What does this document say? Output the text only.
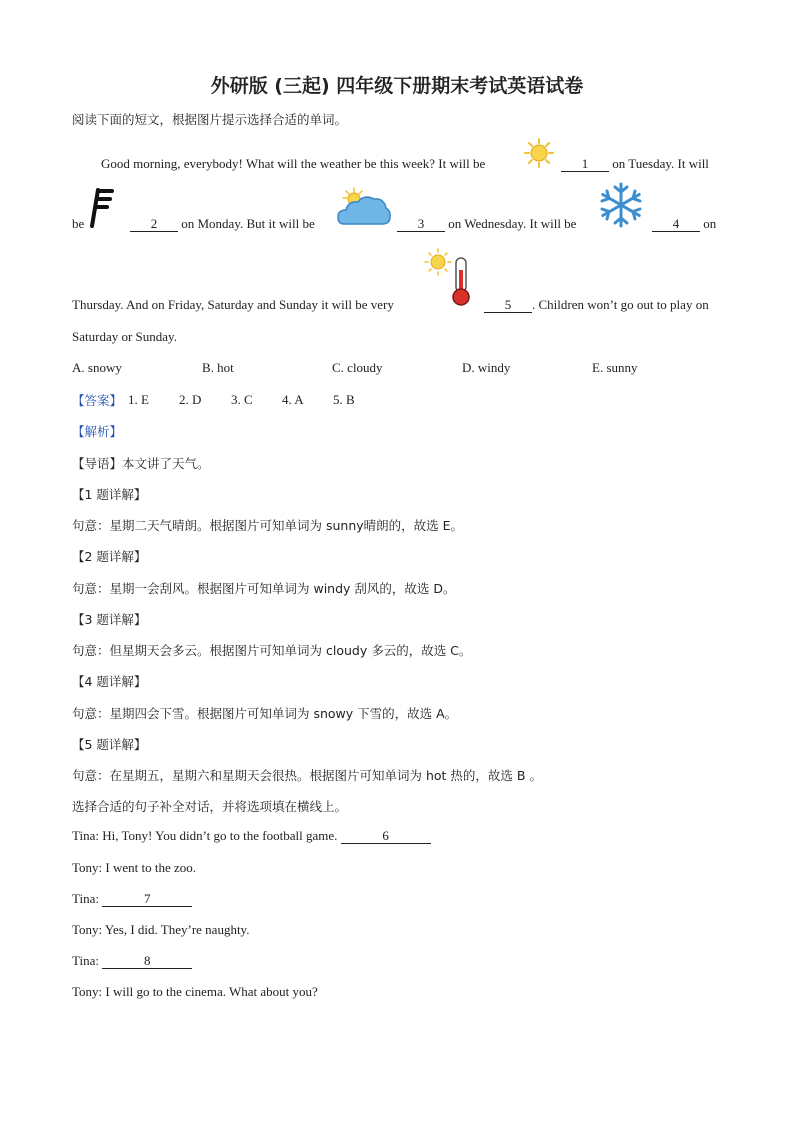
外研版 (三起) 四年级下册期末考试英语试卷
阅读下面的短文，根据图片提示选择合适的单词。
Good morning, everybody! What will the weather be this week? It will be	1 on Tuesday. It will
be	2 on Monday. But it will be	3 on Wednesday. It will be	4 on
Thursday. And on Friday, Saturday and Sunday it will be very	5 . Children won’t go out to play on
Saturday or Sunday.
A. snowy	B. hot	C. cloudy	D. windy	E. sunny
【答案】 1. E 2. D 3. C 4. A 5. B
【解析】
【导语】本文讲了天气。
【1 题详解】
句意：星期二天气晴朗。根据图片可知单词为 sunny晴朗的，故选 E。
【2 题详解】
句意：星期一会刮风。根据图片可知单词为 windy 刮风的，故选 D。
【3 题详解】
句意：但星期天会多云。根据图片可知单词为 cloudy 多云的，故选 C。
【4 题详解】
句意：星期四会下雪。根据图片可知单词为 snowy 下雪的，故选 A。
【5 题详解】
句意：在星期五，星期六和星期天会很热。根据图片可知单词为 hot 热的，故选 B 。
选择合适的句子补全对话，并将选项填在横线上。
Tina: Hi, Tony! You didn’t go to the football game.	6
Tony: I went to the zoo.
Tina:	7
Tony: Yes, I did. They’re naughty.
Tina:	8
Tony: I will go to the cinema. What about you?
